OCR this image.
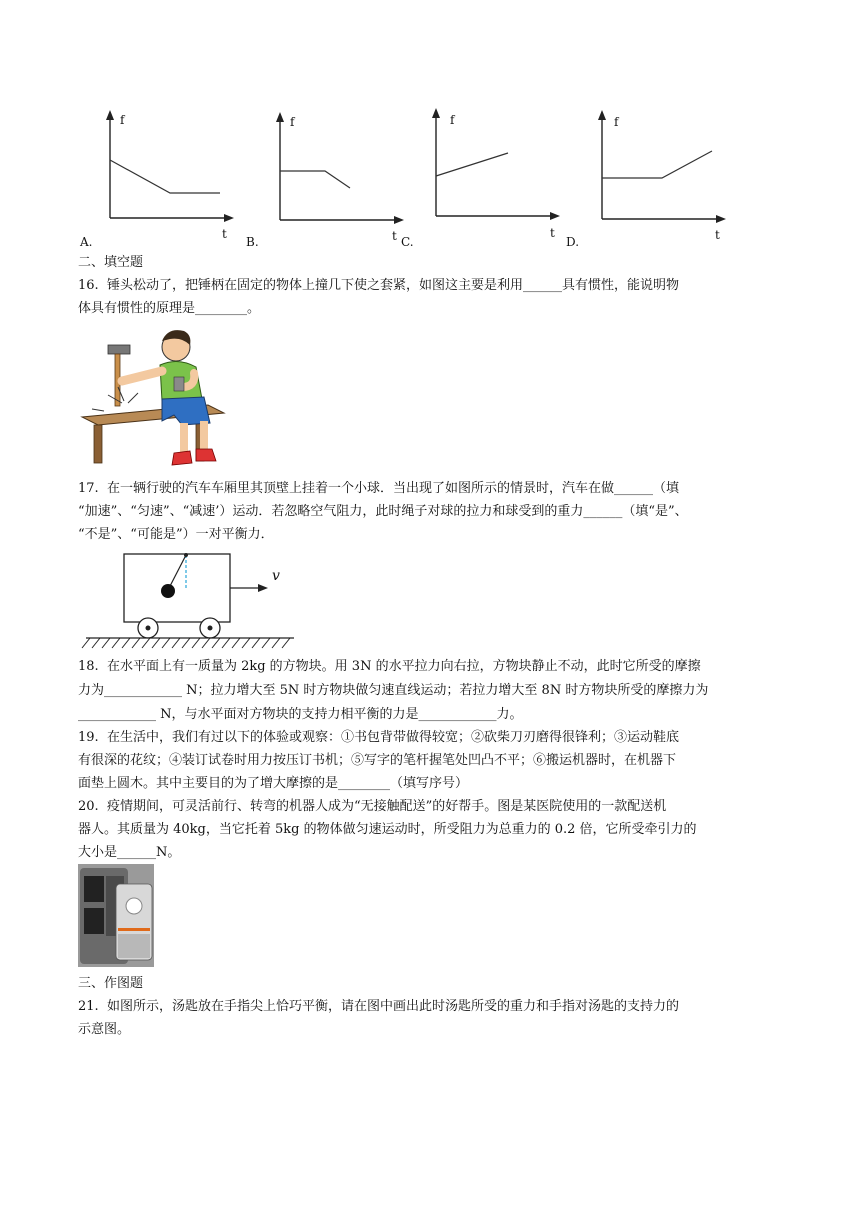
f
t
A.
f
t
B.
f
t
C.
f
t
D.
二、填空题
16.  锤头松动了，把锤柄在固定的物体上撞几下使之套紧，如图这主要是利用______具有惯性，能说明物
体具有惯性的原理是________。
17.  在一辆行驶的汽车车厢里其顶壁上挂着一个小球．当出现了如图所示的情景时，汽车在做______（填
“加速”、“匀速”、“减速’）运动．若忽略空气阻力，此时绳子对球的拉力和球受到的重力______（填“是”、
“不是”、“可能是”）一对平衡力．
v
18.  在水平面上有一质量为 2kg 的方物块。用 3N 的水平拉力向右拉，方物块静止不动，此时它所受的摩擦
力为____________ N；拉力增大至 5N 时方物块做匀速直线运动；若拉力增大至 8N 时方物块所受的摩擦力为
____________ N，与水平面对方物块的支持力相平衡的力是____________力。
19.  在生活中，我们有过以下的体验或观察：①书包背带做得较宽；②砍柴刀刃磨得很锋利；③运动鞋底
有很深的花纹；④装订试卷时用力按压订书机；⑤写字的笔杆握笔处凹凸不平；⑥搬运机器时，在机器下
面垫上圆木。其中主要目的为了增大摩擦的是________（填写序号）
20.  疫情期间，可灵活前行、转弯的机器人成为“无接触配送”的好帮手。图是某医院使用的一款配送机
器人。其质量为 40kg，当它托着 5kg 的物体做匀速运动时，所受阻力为总重力的 0.2 倍，它所受牵引力的
大小是______N。
三、作图题
21.  如图所示，汤匙放在手指尖上恰巧平衡，请在图中画出此时汤匙所受的重力和手指对汤匙的支持力的
示意图。
